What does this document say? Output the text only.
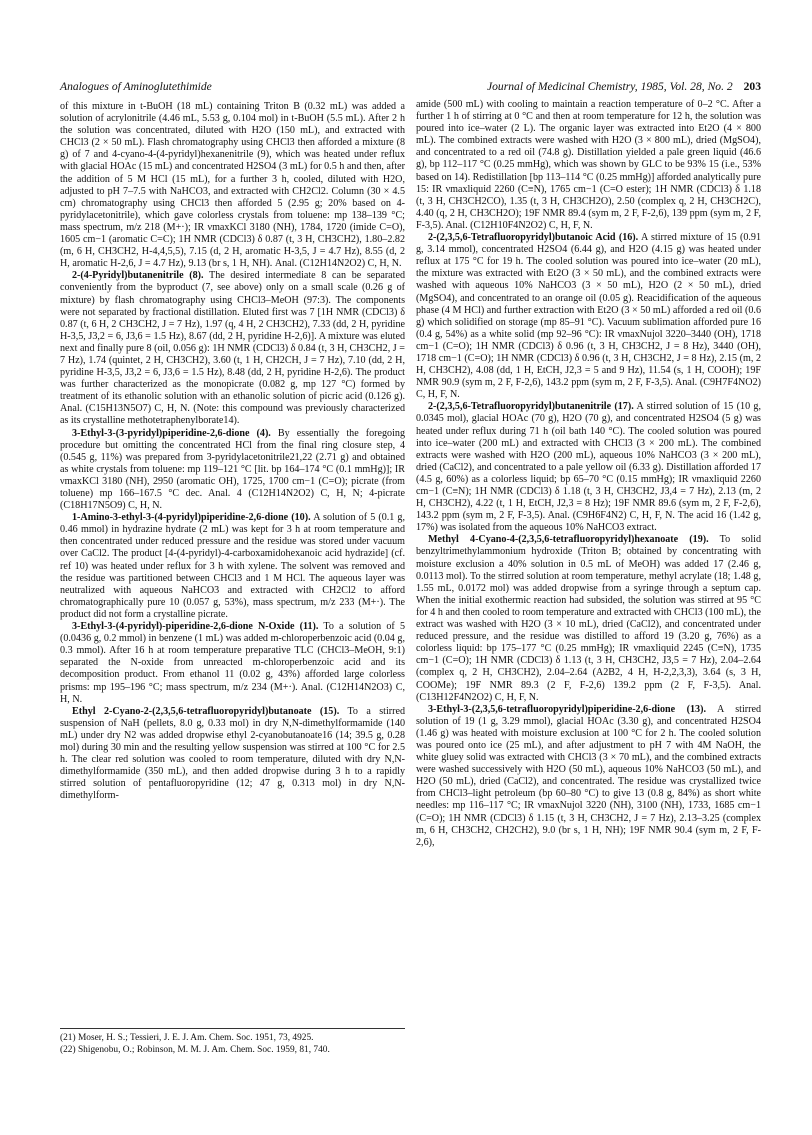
Analogues of Aminoglutethimide	Journal of Medicinal Chemistry, 1985, Vol. 28, No. 2 203

of this mixture in t-BuOH (18 mL) containing Triton B (0.32 mL) was added a solution of acrylonitrile (4.46 mL, 5.53 g, 0.104 mol) in t-BuOH (5.5 mL). After 2 h the solution was concentrated, diluted with H2O (150 mL), and extracted with CHCl3 (2 × 50 mL). Flash chromatography using CHCl3 then afforded a mixture (8 g) of 7 and 4-cyano-4-(4-pyridyl)hexanenitrile (9), which was heated under reflux with glacial HOAc (15 mL) and concentrated H2SO4 (3 mL) for 0.5 h and then, after the addition of 5 M HCl (15 mL), for a further 3 h, cooled, diluted with H2O, adjusted to pH 7–7.5 with NaHCO3, and extracted with CH2Cl2. Column (30 × 4.5 cm) chromatography using CHCl3 then afforded 5 (2.95 g; 20% based on 4-pyridylacetonitrile), which gave colorless crystals from toluene: mp 138–139 °C; mass spectrum, m/z 218 (M+·); IR νmaxKCl 3180 (NH), 1784, 1720 (imide C=O), 1605 cm−1 (aromatic C=C); 1H NMR (CDCl3) δ 0.87 (t, 3 H, CH3CH2), 1.80–2.82 (m, 6 H, CH3CH2, H-4,4,5,5), 7.15 (d, 2 H, aromatic H-3,5, J = 4.7 Hz), 8.55 (d, 2 H, aromatic H-2,6, J = 4.7 Hz), 9.13 (br s, 1 H, NH). Anal. (C12H14N2O2) C, H, N.

2-(4-Pyridyl)butanenitrile (8). The desired intermediate 8 can be separated conveniently from the byproduct (7, see above) only on a small scale (0.26 g of mixture) by flash chromatography using CHCl3–MeOH (97:3). The components were not separated by fractional distillation. Eluted first was 7 [1H NMR (CDCl3) δ 0.87 (t, 6 H, 2 CH3CH2, J = 7 Hz), 1.97 (q, 4 H, 2 CH3CH2), 7.33 (dd, 2 H, pyridine H-3,5, J3,2 = 6, J3,6 = 1.5 Hz), 8.67 (dd, 2 H, pyridine H-2,6)]. A mixture was eluted next and finally pure 8 (oil, 0.056 g): 1H NMR (CDCl3) δ 0.84 (t, 3 H, CH3CH2, J = 7 Hz), 1.74 (quintet, 2 H, CH3CH2), 3.60 (t, 1 H, CH2CH, J = 7 Hz), 7.10 (dd, 2 H, pyridine H-3,5, J3,2 = 6, J3,6 = 1.5 Hz), 8.48 (dd, 2 H, pyridine H-2,6). The product was further characterized as the monopicrate (0.082 g, mp 127 °C) formed by treatment of its ethanolic solution with an ethanolic solution of picric acid (0.126 g). Anal. (C15H13N5O7) C, H, N. (Note: this compound was previously characterized as its crystalline methotetraphenylborate14).

3-Ethyl-3-(3-pyridyl)piperidine-2,6-dione (4). By essentially the foregoing procedure but omitting the concentrated HCl from the final ring closure step, 4 (0.545 g, 11%) was prepared from 3-pyridylacetonitrile21,22 (2.71 g) and obtained as white crystals from toluene: mp 119–121 °C [lit. bp 164–174 °C (0.1 mmHg)]; IR νmaxKCl 3180 (NH), 2950 (aromatic OH), 1725, 1700 cm−1 (C=O); picrate (from toluene) mp 166–167.5 °C dec. Anal. 4 (C12H14N2O2) C, H, N; 4-picrate (C18H17N5O9) C, H, N.

1-Amino-3-ethyl-3-(4-pyridyl)piperidine-2,6-dione (10). A solution of 5 (0.1 g, 0.46 mmol) in hydrazine hydrate (2 mL) was kept for 3 h at room temperature and then concentrated under reduced pressure and the residue was stored under vacuum over CaCl2. The product [4-(4-pyridyl)-4-carboxamidohexanoic acid hydrazide] (cf. ref 10) was heated under reflux for 3 h with xylene. The solvent was removed and the residue was partitioned between CHCl3 and 1 M HCl. The aqueous layer was neutralized with aqueous NaHCO3 and extracted with CH2Cl2 to afford chromatographically pure 10 (0.057 g, 53%), mass spectrum, m/z 233 (M+·). The product did not form a crystalline picrate.

3-Ethyl-3-(4-pyridyl)-piperidine-2,6-dione N-Oxide (11). To a solution of 5 (0.0436 g, 0.2 mmol) in benzene (1 mL) was added m-chloroperbenzoic acid (0.04 g, 0.3 mmol). After 16 h at room temperature preparative TLC (CHCl3–MeOH, 9:1) separated the N-oxide from unreacted m-chloroperbenzoic acid and its decomposition product. From ethanol 11 (0.02 g, 43%) afforded large colorless prisms: mp 195–196 °C; mass spectrum, m/z 234 (M+·). Anal. (C12H14N2O3) C, H, N.

Ethyl 2-Cyano-2-(2,3,5,6-tetrafluoropyridyl)butanoate (15). To a stirred suspension of NaH (pellets, 8.0 g, 0.33 mol) in dry N,N-dimethylformamide (140 mL) under dry N2 was added dropwise ethyl 2-cyanobutanoate16 (14; 39.5 g, 0.28 mol) during 30 min and the resulting yellow suspension was stirred at 100 °C for 2.5 h. The clear red solution was cooled to room temperature, diluted with dry N,N-dimethylformamide (350 mL), and then added dropwise during 3 h to a rapidly stirred solution of pentafluoropyridine (12; 47 g, 0.313 mol) in dry N,N-dimethylform-

amide (500 mL) with cooling to maintain a reaction temperature of 0–2 °C. After a further 1 h of stirring at 0 °C and then at room temperature for 12 h, the solution was poured into ice–water (2 L). The organic layer was extracted into Et2O (4 × 800 mL). The combined extracts were washed with H2O (3 × 800 mL), dried (MgSO4), and concentrated to a red oil (74.8 g). Distillation yielded a pale green liquid (46.6 g), bp 112–117 °C (0.25 mmHg), which was shown by GLC to be 93% 15 (i.e., 53% based on 14). Redistillation [bp 113–114 °C (0.25 mmHg)] afforded analytically pure 15: IR νmaxliquid 2260 (C≡N), 1765 cm−1 (C=O ester); 1H NMR (CDCl3) δ 1.18 (t, 3 H, CH3CH2CO), 1.35 (t, 3 H, CH3CH2O), 2.50 (complex q, 2 H, CH3CH2C), 4.40 (q, 2 H, CH3CH2O); 19F NMR 89.4 (sym m, 2 F, F-2,6), 139 ppm (sym m, 2 F, F-3,5). Anal. (C12H10F4N2O2) C, H, F, N.

2-(2,3,5,6-Tetrafluoropyridyl)butanoic Acid (16). A stirred mixture of 15 (0.91 g, 3.14 mmol), concentrated H2SO4 (6.44 g), and H2O (4.15 g) was heated under reflux at 175 °C for 19 h. The cooled solution was poured into ice–water (20 mL), the mixture was extracted with Et2O (3 × 50 mL), and the combined extracts were washed with aqueous 10% NaHCO3 (3 × 50 mL), H2O (2 × 50 mL), dried (MgSO4), and concentrated to an orange oil (0.05 g). Reacidification of the aqueous phase (4 M HCl) and further extraction with Et2O (3 × 50 mL) afforded a red oil (0.6 g) which solidified on storage (mp 85–91 °C). Vacuum sublimation afforded pure 16 (0.4 g, 54%) as a white solid (mp 92–96 °C): IR νmaxNujol 3220–3440 (OH), 1718 cm−1 (C=O); 1H NMR (CDCl3) δ 0.96 (t, 3 H, CH3CH2, J = 8 Hz), 3440 (OH), 1718 cm−1 (C=O); 1H NMR (CDCl3) δ 0.96 (t, 3 H, CH3CH2, J = 8 Hz), 2.15 (m, 2 H, CH3CH2), 4.08 (dd, 1 H, EtCH, J2,3 = 5 and 9 Hz), 11.54 (s, 1 H, COOH); 19F NMR 90.9 (sym m, 2 F, F-2,6), 143.2 ppm (sym m, 2 F, F-3,5). Anal. (C9H7F4NO2) C, H, F, N.

2-(2,3,5,6-Tetrafluoropyridyl)butanenitrile (17). A stirred solution of 15 (10 g, 0.0345 mol), glacial HOAc (70 g), H2O (70 g), and concentrated H2SO4 (5 g) was heated under reflux during 71 h (oil bath 140 °C). The cooled solution was poured into ice–water (200 mL) and extracted with CHCl3 (3 × 200 mL). The combined extracts were washed with H2O (200 mL), aqueous 10% NaHCO3 (3 × 200 mL), dried (CaCl2), and concentrated to a pale yellow oil (6.33 g). Distillation afforded 17 (4.5 g, 60%) as a colorless liquid; bp 65–70 °C (0.15 mmHg); IR νmaxliquid 2260 cm−1 (C≡N); 1H NMR (CDCl3) δ 1.18 (t, 3 H, CH3CH2, J3,4 = 7 Hz), 2.13 (m, 2 H, CH3CH2), 4.22 (t, 1 H, EtCH, J2,3 = 8 Hz); 19F NMR 89.6 (sym m, 2 F, F-2,6), 143.2 ppm (sym m, 2 F, F-3,5). Anal. (C9H6F4N2) C, H, F, N. The acid 16 (1.42 g, 17%) was isolated from the aqueous 10% NaHCO3 extract.

Methyl 4-Cyano-4-(2,3,5,6-tetrafluoropyridyl)hexanoate (19). To solid benzyltrimethylammonium hydroxide (Triton B; obtained by concentrating with moisture exclusion a 40% solution in 0.5 mL of MeOH) was added 17 (2.46 g, 0.0113 mol). To the stirred solution at room temperature, methyl acrylate (18; 1.48 g, 1.55 mL, 0.0172 mol) was added dropwise from a syringe through a septum cap. When the initial exothermic reaction had subsided, the solution was stirred at 95 °C for 4 h and then cooled to room temperature and extracted with CHCl3 (100 mL), the extract was washed with H2O (3 × 10 mL), dried (CaCl2), and concentrated under reduced pressure, and the residue was distilled to afford 19 (3.20 g, 76%) as a colorless liquid: bp 175–177 °C (0.25 mmHg); IR νmaxliquid 2245 (C≡N), 1735 cm−1 (C=O); 1H NMR (CDCl3) δ 1.13 (t, 3 H, CH3CH2, J3,5 = 7 Hz), 2.04–2.64 (complex q, 2 H, CH3CH2), 2.04–2.64 (A2B2, 4 H, H-2,2,3,3), 3.64 (s, 3 H, COOMe); 19F NMR 89.3 (2 F, F-2,6) 139.2 ppm (2 F, F-3,5). Anal. (C13H12F4N2O2) C, H, F, N.

3-Ethyl-3-(2,3,5,6-tetrafluoropyridyl)piperidine-2,6-dione (13). A stirred solution of 19 (1 g, 3.29 mmol), glacial HOAc (3.30 g), and concentrated H2SO4 (1.46 g) was heated with moisture exclusion at 100 °C for 2 h. The cooled solution was poured onto ice (25 mL), and after adjustment to pH 7 with 4M NaOH, the white gluey solid was extracted with CHCl3 (3 × 70 mL), and the combined extracts were washed successively with H2O (50 mL), aqueous 10% NaHCO3 (50 mL), and H2O (50 mL), dried (CaCl2), and concentrated. The residue was crystallized twice from CHCl3–light petroleum (bp 60–80 °C) to give 13 (0.8 g, 84%) as short white needles: mp 116–117 °C; IR νmaxNujol 3220 (NH), 3100 (NH), 1733, 1685 cm−1 (C=O); 1H NMR (CDCl3) δ 1.15 (t, 3 H, CH3CH2, J = 7 Hz), 2.13–3.25 (complex m, 6 H, CH3CH2, CH2CH2), 9.0 (br s, 1 H, NH); 19F NMR 90.4 (sym m, 2 F, F-2,6),

(21) Moser, H. S.; Tessieri, J. E. J. Am. Chem. Soc. 1951, 73, 4925.
(22) Shigenobu, O.; Robinson, M. M. J. Am. Chem. Soc. 1959, 81, 740.
